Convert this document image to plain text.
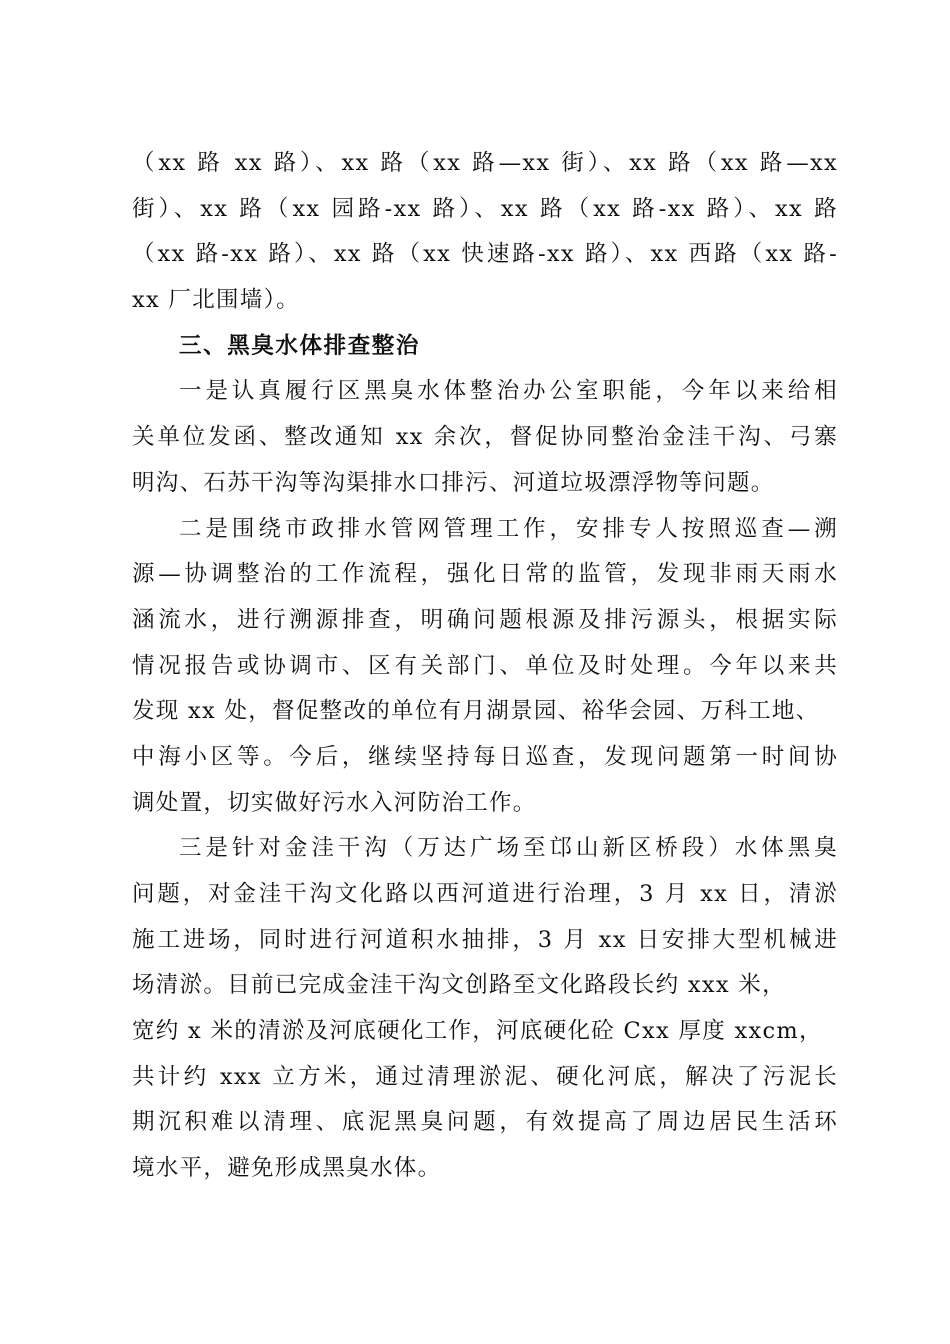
（xx 路 xx 路）、xx 路（xx 路—xx 街）、xx 路（xx 路—xx
街）、xx 路（xx 园路-xx 路）、xx 路（xx 路-xx 路）、xx 路
（xx 路-xx 路）、xx 路（xx 快速路-xx 路）、xx 西路（xx 路-
xx 厂北围墙）。
三、黑臭水体排查整治
一是认真履行区黑臭水体整治办公室职能，今年以来给相
关单位发函、整改通知 xx 余次，督促协同整治金洼干沟、弓寨
明沟、石苏干沟等沟渠排水口排污、河道垃圾漂浮物等问题。
二是围绕市政排水管网管理工作，安排专人按照巡查—溯
源—协调整治的工作流程，强化日常的监管，发现非雨天雨水
涵流水，进行溯源排查，明确问题根源及排污源头，根据实际
情况报告或协调市、区有关部门、单位及时处理。今年以来共
发现 xx 处，督促整改的单位有月湖景园、裕华会园、万科工地、
中海小区等。今后，继续坚持每日巡查，发现问题第一时间协
调处置，切实做好污水入河防治工作。
三是针对金洼干沟（万达广场至邙山新区桥段）水体黑臭
问题，对金洼干沟文化路以西河道进行治理，3 月 xx 日，清淤
施工进场，同时进行河道积水抽排，3 月 xx 日安排大型机械进
场清淤。目前已完成金洼干沟文创路至文化路段长约 xxx 米，
宽约 x 米的清淤及河底硬化工作，河底硬化砼 Cxx 厚度 xxcm，
共计约 xxx 立方米，通过清理淤泥、硬化河底，解决了污泥长
期沉积难以清理、底泥黑臭问题，有效提高了周边居民生活环
境水平，避免形成黑臭水体。
